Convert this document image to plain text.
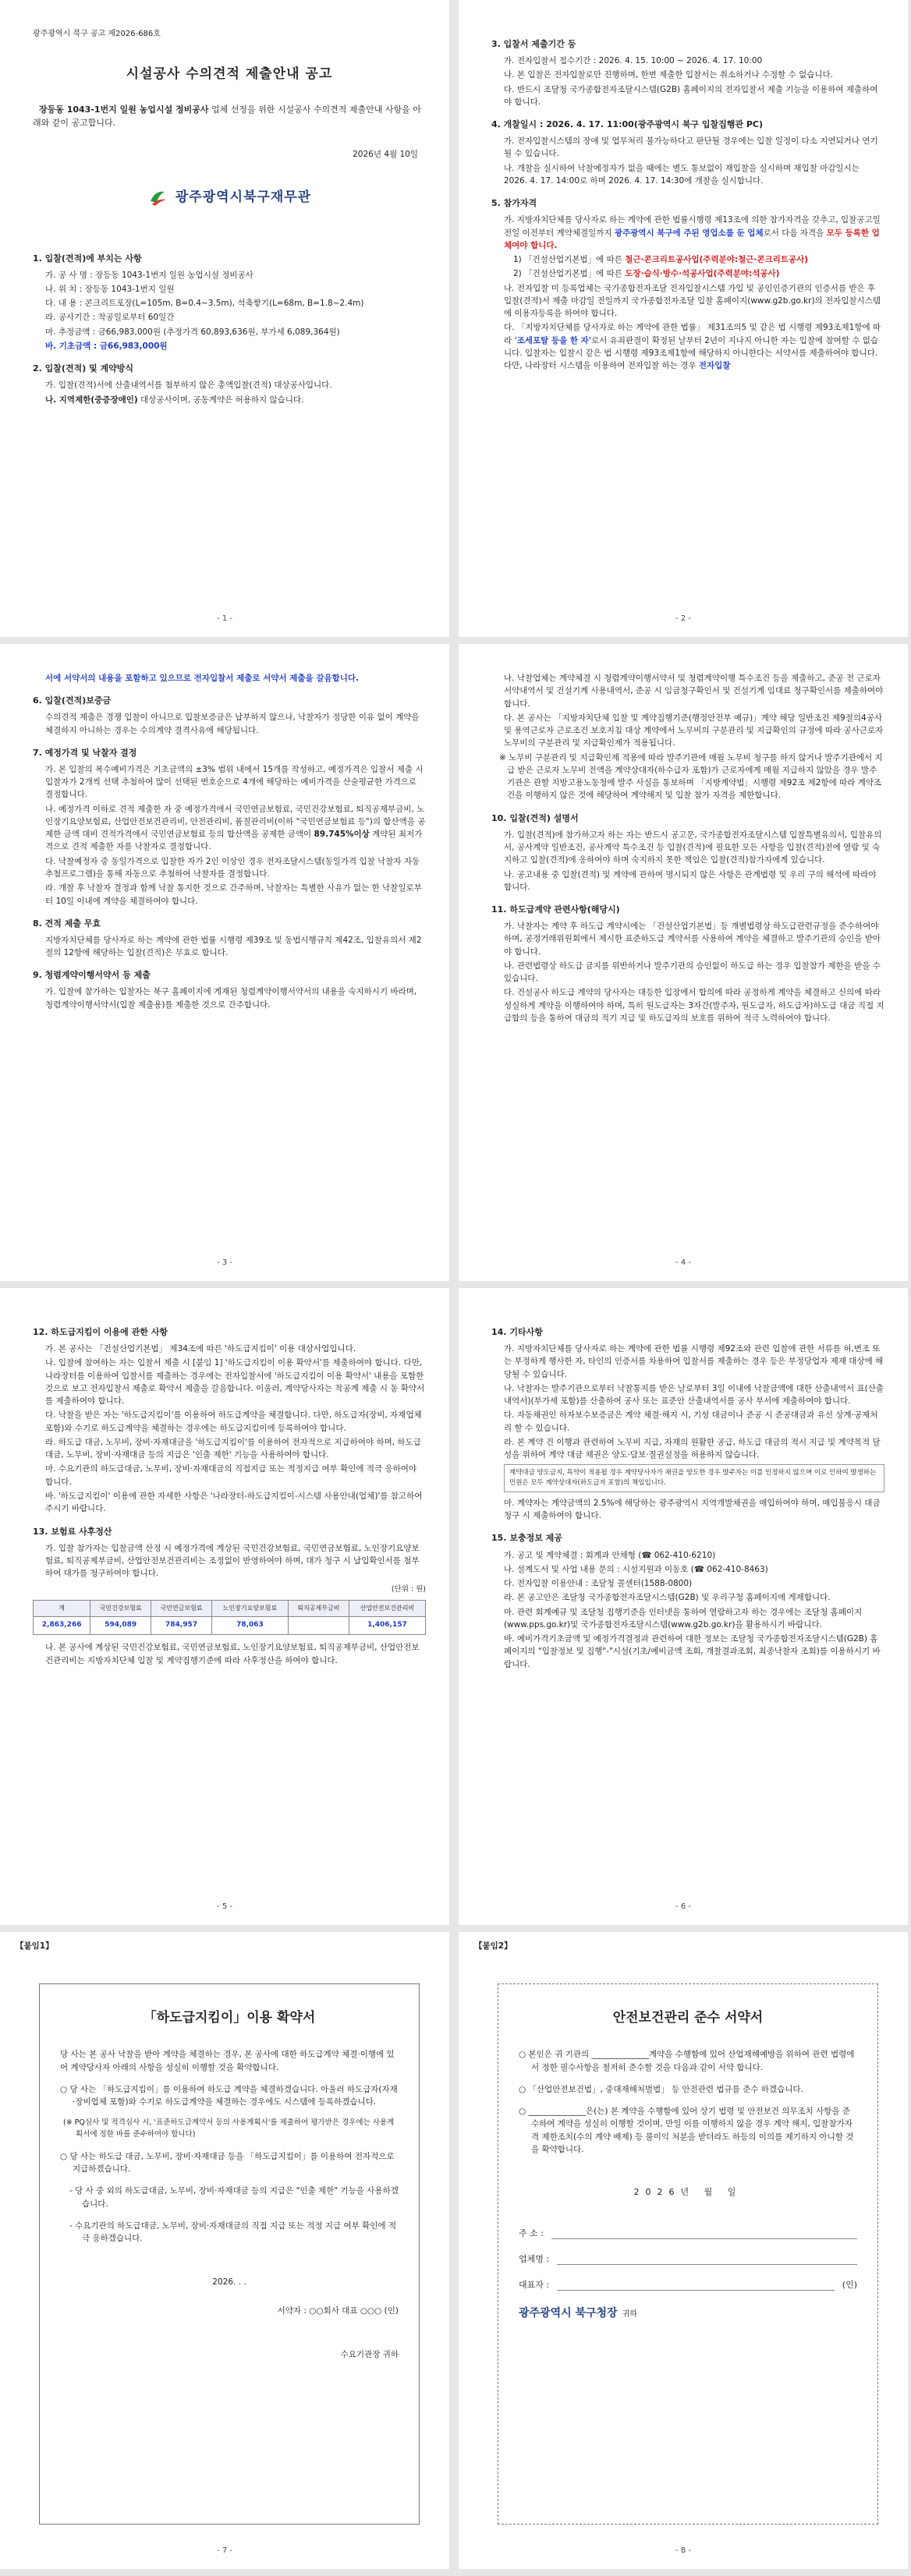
광주광역시 북구 공고 제2026-686호
시설공사 수의견적 제출안내 공고
장등동 1043-1번지 일원 농업시설 정비공사 업체 선정을 위한 시설공사 수의견적 제출안내 사항을 아래와 같이 공고합니다.
2026년 4월 10일
광주광역시북구재무관
1. 입찰(견적)에 부치는 사항
가. 공 사 명 : 장등동 1043-1번지 일원 농업시설 정비공사
나. 위 치 : 장등동 1043-1번지 일원
다. 내 용 : 콘크리트포장(L=105m, B=0.4~3.5m), 석축쌓기(L=68m, B=1.8~2.4m)
라. 공사기간 : 착공일로부터 60일간
마. 추정금액 : 금66,983,000원 (추정가격 60,893,636원, 부가세 6,089,364원)
바. 기초금액 : 금66,983,000원
2. 입찰(견적) 및 계약방식
가. 입찰(견적)서에 산출내역서를 첨부하지 않은 총액입찰(견적) 대상공사입니다.
나. 지역제한(중증장애인) 대상공사이며, 공동계약은 허용하지 않습니다.
- 1 -
3. 입찰서 제출기간 등
가. 전자입찰서 접수기간 : 2026. 4. 15. 10:00 ~ 2026. 4. 17. 10:00
나. 본 입찰은 전자입찰로만 진행하며, 한번 제출한 입찰서는 취소하거나 수정할 수 없습니다.
다. 반드시 조달청 국가종합전자조달시스템(G2B) 홈페이지의 전자입찰서 제출 기능을 이용하여 제출하여야 합니다.
4. 개찰일시 : 2026. 4. 17. 11:00(광주광역시 북구 입찰집행관 PC)
가. 전자입찰시스템의 장애 및 업무처리 불가능하다고 판단될 경우에는 입찰 일정이 다소 지연되거나 연기될 수 있습니다.
나. 개찰을 실시하여 낙찰예정자가 없을 때에는 별도 통보없이 재입찰을 실시하며 재입찰 마감일시는 2026. 4. 17. 14:00로 하며 2026. 4. 17. 14:30에 개찰을 실시합니다.
5. 참가자격
가. 지방자치단체를 당사자로 하는 계약에 관한 법률시행령 제13조에 의한 참가자격을 갖추고, 입찰공고일 전일 이전부터 계약체결일까지 광주광역시 북구에 주된 영업소를 둔 업체로서 다음 자격을 모두 등록한 업체여야 합니다.
1) 「건설산업기본법」에 따른 철근·콘크리트공사업(주력분야:철근·콘크리트공사)
2) 「건설산업기본법」에 따른 도장·습식·방수·석공사업(주력분야:석공사)
나. 전자입찰 미 등록업체는 국가종합전자조달 전자입찰시스템 가입 및 공인인증기관의 인증서를 받은 후 입찰(견적)서 제출 마감일 전일까지 국가종합전자조달 입찰 홈페이지(www.g2b.go.kr)의 전자입찰시스템에 이용자등록을 하여야 합니다.
다. 「지방자치단체를 당사자로 하는 계약에 관한 법률」 제31조의5 및 같은 법 시행령 제93조제1항에 따라 '조세포탈 등을 한 자'로서 유죄판결이 확정된 날부터 2년이 지나지 아니한 자는 입찰에 참여할 수 없습니다. 입찰자는 입찰시 같은 법 시행령 제93조제1항에 해당하지 아니한다는 서약서를 제출하여야 합니다. 다만, 나라장터 시스템을 이용하여 전자입찰 하는 경우 전자입찰
- 2 -
서에 서약서의 내용을 포함하고 있으므로 전자입찰서 제출로 서약서 제출을 갈음합니다.
6. 입찰(견적)보증금
수의견적 제출은 경쟁 입찰이 아니므로 입찰보증금은 납부하지 않으나, 낙찰자가 정당한 이유 없이 계약을 체결하지 아니하는 경우는 수의계약 결격사유에 해당됩니다.
7. 예정가격 및 낙찰자 결정
가. 본 입찰의 복수예비가격은 기초금액의 ±3% 범위 내에서 15개를 작성하고, 예정가격은 입찰서 제출 시 입찰자가 2개씩 선택 추첨하여 많이 선택된 번호순으로 4개에 해당하는 예비가격을 산술평균한 가격으로 결정합니다.
나. 예정가격 이하로 견적 제출한 자 중 예정가격에서 국민연금보험료, 국민건강보험료, 퇴직공제부금비, 노인장기요양보험료, 산업안전보건관리비, 안전관리비, 품질관리비(이하 "국민연금보험료 등")의 합산액을 공제한 금액 대비 견적가격에서 국민연금보험료 등의 합산액을 공제한 금액이 89.745%이상 계약된 최저가격으로 견적 제출한 자를 낙찰자로 결정합니다.
다. 낙찰예정자 중 동일가격으로 입찰한 자가 2인 이상인 경우 전자조달시스템(동일가격 입찰 낙찰자 자동추첨프로그램)을 통해 자동으로 추첨하여 낙찰자를 결정합니다.
라. 개찰 후 낙찰자 결정과 함께 낙찰 통지한 것으로 간주하며, 낙찰자는 특별한 사유가 없는 한 낙찰일로부터 10일 이내에 계약을 체결하여야 합니다.
8. 견적 제출 무효
지방자치단체를 당사자로 하는 계약에 관한 법률 시행령 제39조 및 동법시행규칙 제42조, 입찰유의서 제2절의 12항에 해당하는 입찰(견적)은 무효로 합니다.
9. 청렴계약이행서약서 등 제출
가. 입찰에 참가하는 입찰자는 북구 홈페이지에 게재된 청렴계약이행서약서의 내용을 숙지하시기 바라며, 청렴계약이행서약서(입찰 제출용)를 제출한 것으로 간주합니다.
- 3 -
나. 낙찰업체는 계약체결 시 청렴계약이행서약서 및 청렴계약이행 특수조건 등을 제출하고, 준공 전 근로자서약내역서 및 건설기계 사용내역서, 준공 시 임금청구확인서 및 건설기계 임대료 청구확인서를 제출하여야 합니다.
다. 본 공사는 「지방자치단체 입찰 및 계약집행기준(행정안전부 예규)」계약 해당 일반조건 제9절의4공사 및 용역근로자 근로조건 보호지침 대상 계약에서 노무비의 구분관리 및 지급확인의 규정에 따라 공사근로자 노무비의 구분관리 및 지급확인제가 적용됩니다.
※ 노무비 구분관리 및 지급확인제 적용에 따라 발주기관에 매월 노무비 청구를 하지 않거나 발주기관에서 지급 받은 근로자 노무비 전액을 계약상대자(하수급자 포함)가 근로자에게 매월 지급하지 않았을 경우 발주기관은 관할 지방고용노동청에 발주 사실을 통보하며 「지방계약법」시행령 제92조 제2항에 따라 계약조건을 이행하지 않은 것에 해당하여 계약해지 및 입찰 참가 자격을 제한합니다.
10. 입찰(견적) 설명서
가. 입찰(견적)에 참가하고자 하는 자는 반드시 공고문, 국가종합전자조달시스템 입찰특별유의서, 입찰유의서, 공사계약 일반조건, 공사계약 특수조건 등 입찰(견적)에 필요한 모든 사항을 입찰(견적)전에 열람 및 숙지하고 입찰(견적)에 응하여야 하며 숙지하지 못한 책임은 입찰(견적)참가자에게 있습니다.
나. 공고내용 중 입찰(견적) 및 계약에 관하여 명시되지 않은 사항은 관계법령 및 우리 구의 해석에 따라야 합니다.
11. 하도급계약 관련사항(해당시)
가. 낙찰자는 계약 후 하도급 계약시에는 「건설산업기본법」등 개별법령상 하도급관련규정을 준수하여야 하며, 공정거래위원회에서 제시한 표준하도급 계약서를 사용하여 계약을 체결하고 발주기관의 승인을 받아야 합니다.
나. 관련법령상 하도급 금지를 위반하거나 발주기관의 승인없이 하도급 하는 경우 입찰참가 제한을 받을 수 있습니다.
다. 건설공사 하도급 계약의 당사자는 대등한 입장에서 합의에 따라 공정하게 계약을 체결하고 신의에 따라 성실하게 계약을 이행하여야 하며, 특히 원도급자는 3자간(발주자, 원도급자, 하도급자)하도급 대금 직접 지급합의 등을 통하여 대금의 적기 지급 및 하도급자의 보호를 위하여 적극 노력하여야 합니다.
- 4 -
12. 하도급지킴이 이용에 관한 사항
가. 본 공사는 「건설산업기본법」 제34조에 따른 '하도급지킴이' 이용 대상사업입니다.
나. 입찰에 참여하는 자는 입찰서 제출 시 [붙임 1] '하도급지킴이 이용 확약서'를 제출하여야 합니다. 다만, 나라장터를 이용하여 입찰서를 제출하는 경우에는 전자입찰서에 '하도급지킴이 이용 확약서' 내용을 포함한 것으로 보고 전자입찰서 제출로 확약서 제출을 갈음합니다. 이울러, 계약당사자는 착공계 제출 시 동 확약서를 제출하여야 합니다.
다. 낙찰을 받은 자는 '하도급지킴이'를 이용하여 하도급계약을 체결합니다. 다만, 하도급자(장비, 자재업체 포함)와 수기로 하도급계약을 체결하는 경우에는 하도급지킴이에 등록하여야 합니다.
라. 하도급 대금, 노무비, 장비·자재대금을 '하도급지킴이'를 이용하여 전자적으로 지급하여야 하며, 하도급대금, 노무비, 장비·자재대금 등의 지급은 '인출 제한' 기능을 사용하여야 합니다.
마. 수요기관의 하도급대금, 노무비, 장비·자재대금의 직접지급 또는 적정지급 여부 확인에 적극 응하여야 합니다.
바. '하도급지킴이' 이용에 관한 자세한 사항은 '나라장터-하도급지킴이-시스템 사용안내(업체)'를 참고하여 주시기 바랍니다.
13. 보험료 사후정산
가. 입찰 참가자는 입찰금액 산정 시 예정가격에 계상된 국민건강보험료, 국민연금보험료, 노인장기요양보험료, 퇴직공제부금비, 산업안전보건관리비는 조정없이 반영하여야 하며, 대가 청구 시 납입확인서를 첨부하여 대가를 청구하여야 합니다.
(단위 : 원)
계	국민건강보험료	국민연금보험료	노인장기요양보험료	퇴직공제부금비	산업안전보건관리비
2,863,266	594,089	784,957	78,063		1,406,157
나. 본 공사에 계상된 국민건강보험료, 국민연금보험료, 노인장기요양보험료, 퇴직공제부금비, 산업안전보건관리비는 지방자치단체 입찰 및 계약집행기준에 따라 사후정산을 하여야 합니다.
- 5 -
14. 기타사항
가. 지방자치단체를 당사자로 하는 계약에 관한 법률 시행령 제92조와 관련 입찰에 관한 서류를 허,변조 또는 부정하게 행사한 자, 타인의 인증서를 차용하여 입찰서를 제출하는 경우 등은 부정당업자 제재 대상에 해당될 수 있습니다.
나. 낙찰자는 발주기관으로부터 낙찰통지를 받은 날로부터 3일 이내에 낙찰금액에 대한 산출내역서 표(산출 내역서)(부가세 포함)를 산출하여 공사 또는 표준안 산출내역서를 공사 부서에 제출하여야 합니다.
다. 자동채권인 하자보수보증금은 계약 체결·해지 시, 기성 대금이나 준공 시 준공대금과 유선 상계·공제처리 할 수 있습니다.
라. 본 계약 건 이행과 관련하여 노무비 지급, 자재의 원활한 공급, 하도급 대금의 적시 지급 및 계약목적 달성을 위하여 계약 대금 채권은 양도·담보·질권설정을 허용하지 않습니다.
계약대금 양도금지, 특약이 적용될 경우 계약당사자가 채권을 양도한 경우 발주자는 이를 인정하지 않으며 이로 인하여 발생하는 민원은 모두 계약상대자(하도급자 포함)의 책임입니다.
마. 계약자는 계약금액의 2.5%에 해당하는 광주광역시 지역개발채권을 매입하여야 하며, 매입불응시 대금청구 시 제출하여야 합니다.
15. 보충정보 제공
가. 공고 및 계약체결 : 회계과 안채형 (☎ 062-410-6210)
나. 설계도서 및 사업 내용 문의 : 시설지원과 이동호 (☎ 062-410-8463)
다. 전자입찰 이용안내 : 조달청 콜센터(1588-0800)
라. 본 공고안은 조달청 국가종합전자조달시스템(G2B) 및 우리구청 홈페이지에 게재합니다.
마. 관련 회계예규 및 조달청 집행기준을 인터넷을 통하여 열람하고자 하는 경우에는 조달청 홈페이지(www.pps.go.kr)및 국가종합전자조달시스템(www.g2b.go.kr)을 활용하시기 바랍니다.
바. 예비가격기초금액 및 예정가격결정과 관련하여 대한 정보는 조달청 국가종합전자조달시스템(G2B) 홈페이지의 "입찰정보 및 집행"-"시설(기초/예비금액 조회, 개찰결과조회, 최종낙찰자 조회)를 이용하시기 바랍니다.
- 6 -
【붙임1】
「하도급지킴이」이용 확약서

당 사는 본 공사 낙찰을 받아 계약을 체결하는 경우, 본 공사에 대한 하도급계약 체결·이행에 있어 계약당사자 아래의 사항을 성실히 이행할 것을 확약합니다.

○ 당 사는 「하도급지킴이」를 이용하여 하도급 계약을 체결하겠습니다. 아울러 하도급자(자재·장비업체 포함)와 수기로 하도급계약을 체결하는 경우에도 시스템에 등록하겠습니다.
(※ PQ심사 및 적격심사 시, '표준하도급계약서 등의 사용계획서'를 제출하여 평가받은 경우에는 사용계획서에 정한 바를 준수하여야 합니다)
○ 당 사는 하도급 대금, 노무비, 장비·자재대금 등을 「하도급지킴이」를 이용하여 전자적으로 지급하겠습니다.
- 당 사 중 외의 하도급대금, 노무비, 장비·자재대금 등의 지급은 "인출 제한" 기능을 사용하겠습니다.
- 수요기관의 하도급대금, 노무비, 장비·자재대금의 직접 지급 또는 적정 지급 여부 확인에 적극 응하겠습니다.
2026. . .
서약자 : ○○회사 대표 ○○○ (인)
수요기관장 귀하
- 7 -
【붙임2】
안전보건관리 준수 서약서
○ 본인은 귀 기관의 ______________계약을 수행함에 있어 산업재해예방을 위하여 관련 법령에서 정한 필수사항을 철저히 준수할 것을 다음과 같이 서약 합니다.
○ 「산업안전보건법」, 중대재해처벌법」 등 안전관련 법규를 준수 하겠습니다.
○ ______________은(는) 본 계약을 수행함에 있어 상기 법령 및 안전보건 의무조치 사항을 준수하여 계약을 성실히 이행할 것이며, 만일 이를 이행하지 않을 경우 계약 해지, 입찰참가자격 제한조치(수의 계약 배제) 등 불이익 처분을 받더라도 하등의 이의를 제기하지 아니할 것을 확약합니다.
2026년 월 일
주 소 :
업체명 :
대표자 :	(인)
광주광역시 북구청장 귀하
- 8 -
